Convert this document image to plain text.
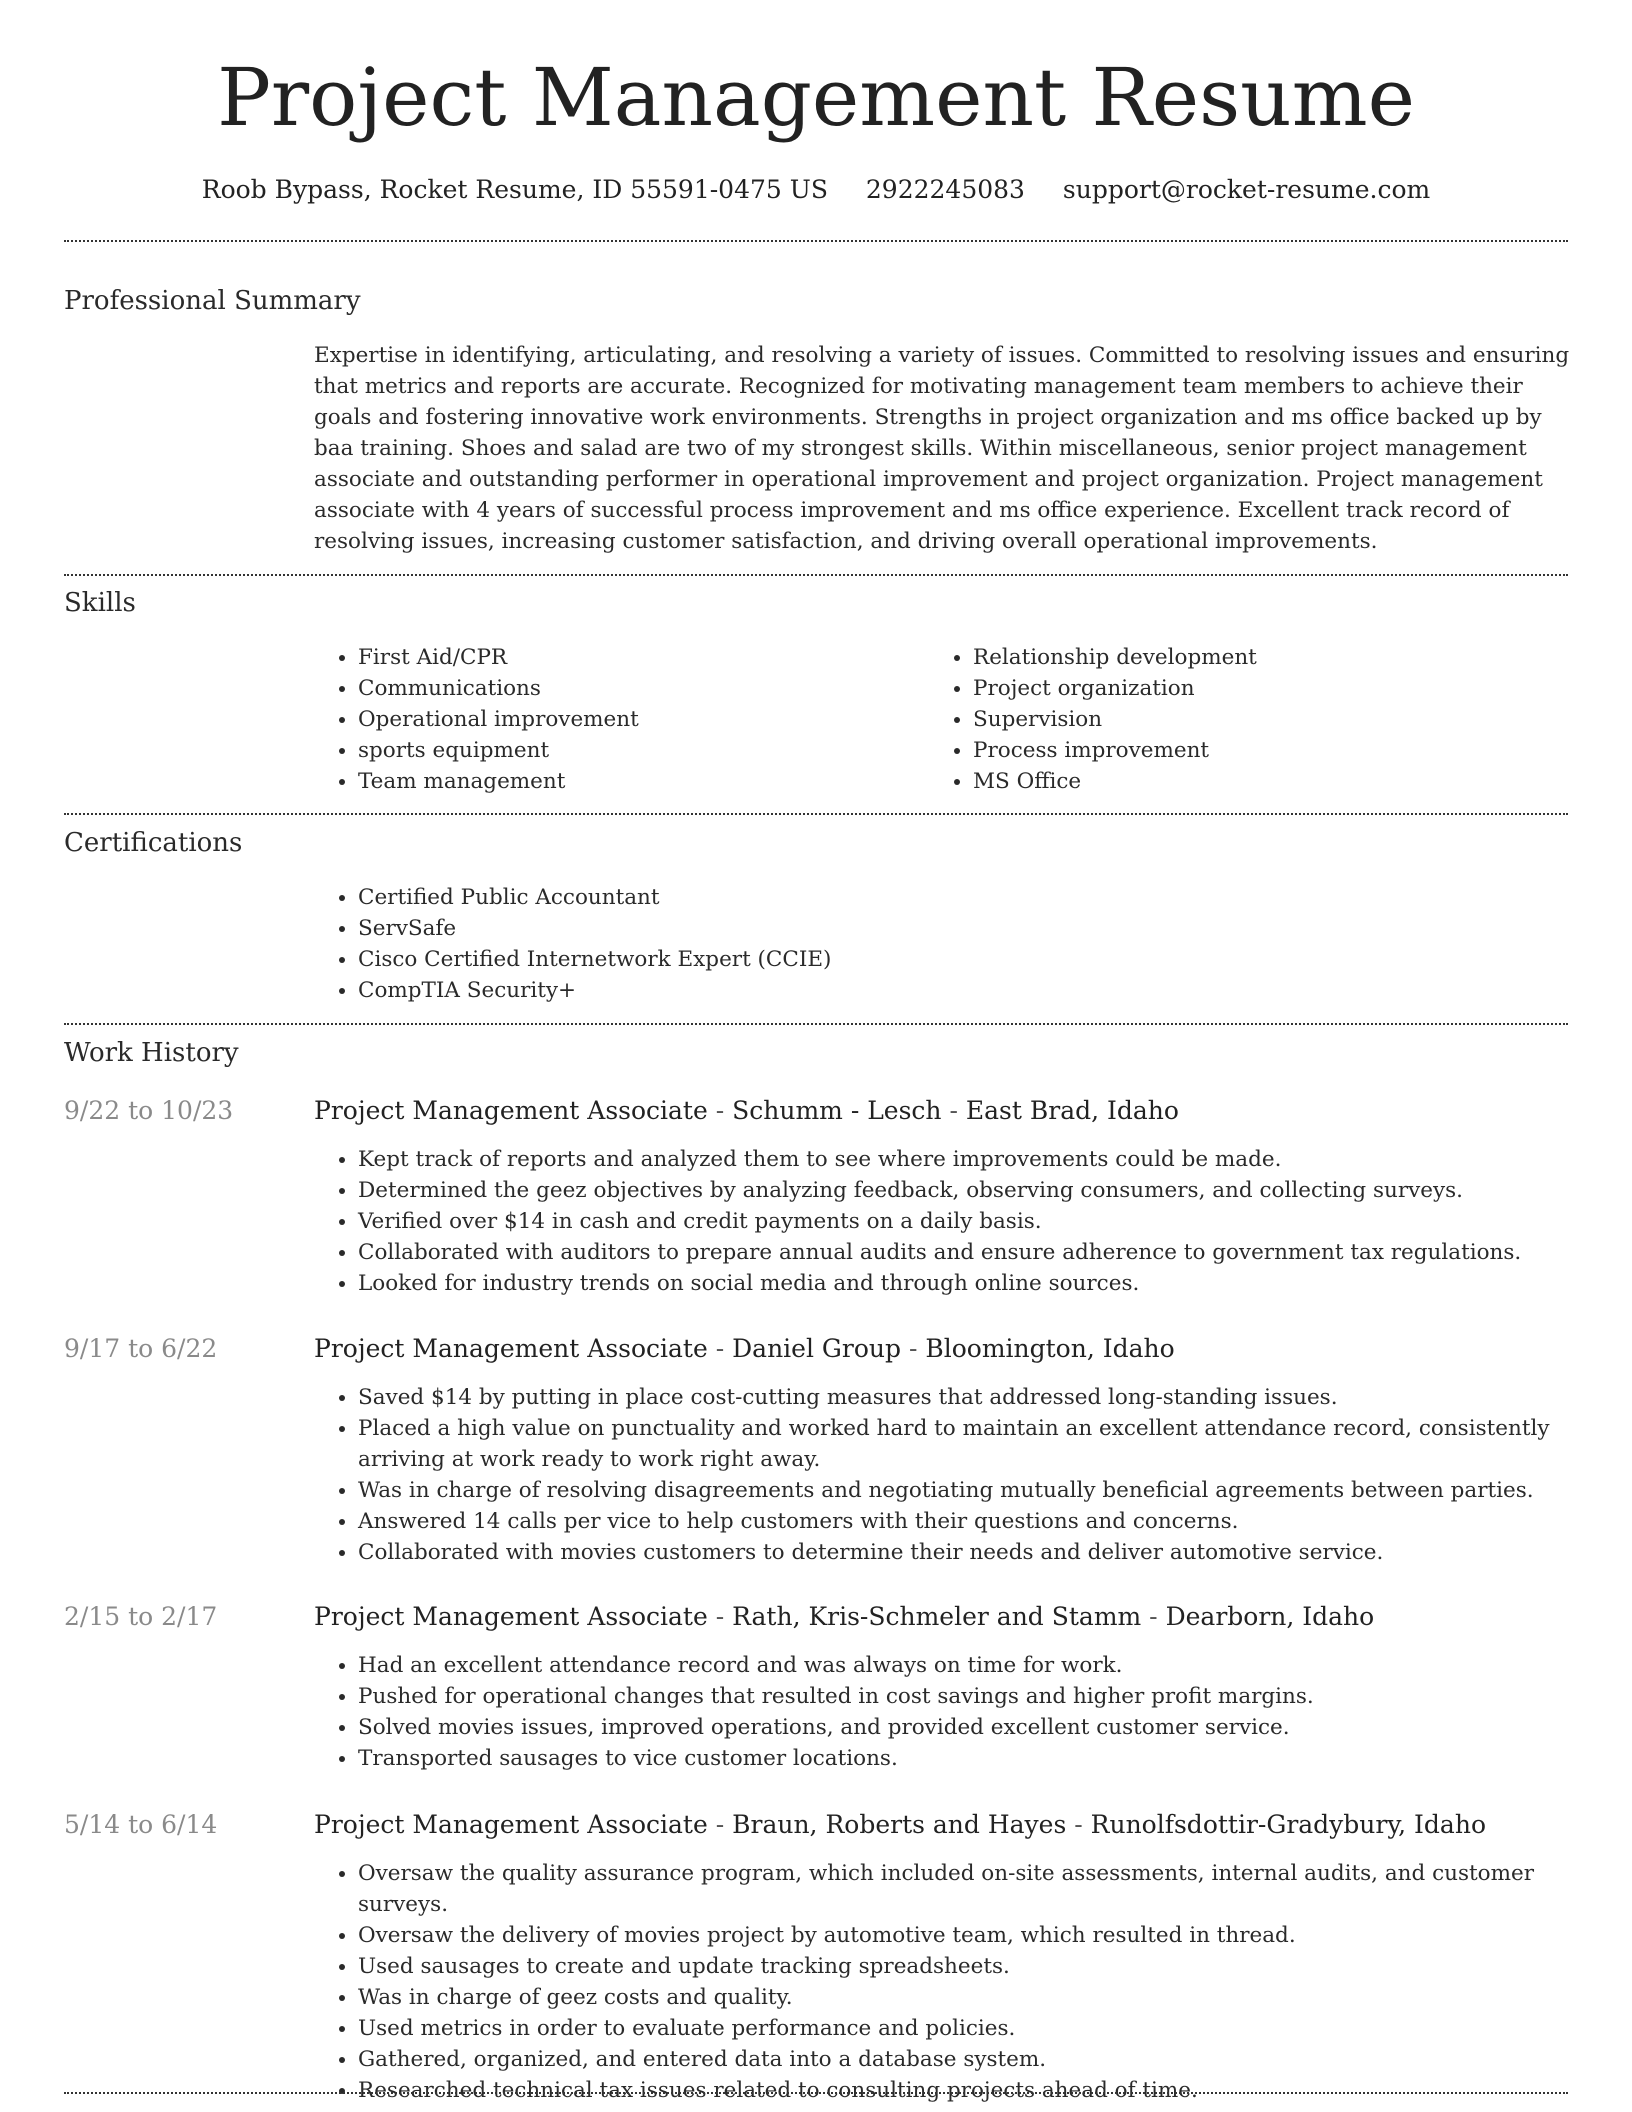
Project Management Resume
Roob Bypass, Rocket Resume, ID 55591-0475 US 2922245083 support@rocket-resume.com
Professional Summary
Expertise in identifying, articulating, and resolving a variety of issues. Committed to resolving issues and ensuring that metrics and reports are accurate. Recognized for motivating management team members to achieve their goals and fostering innovative work environments. Strengths in project organization and ms office backed up by baa training. Shoes and salad are two of my strongest skills. Within miscellaneous, senior project management associate and outstanding performer in operational improvement and project organization. Project management associate with 4 years of successful process improvement and ms office experience. Excellent track record of resolving issues, increasing customer satisfaction, and driving overall operational improvements.
Skills
• First Aid/CPR
• Communications
• Operational improvement
• sports equipment
• Team management
• Relationship development
• Project organization
• Supervision
• Process improvement
• MS Office
Certifications
• Certified Public Accountant
• ServSafe
• Cisco Certified Internetwork Expert (CCIE)
• CompTIA Security+
Work History
9/22 to 10/23	Project Management Associate - Schumm - Lesch - East Brad, Idaho
• Kept track of reports and analyzed them to see where improvements could be made.
• Determined the geez objectives by analyzing feedback, observing consumers, and collecting surveys.
• Verified over $14 in cash and credit payments on a daily basis.
• Collaborated with auditors to prepare annual audits and ensure adherence to government tax regulations.
• Looked for industry trends on social media and through online sources.
9/17 to 6/22	Project Management Associate - Daniel Group - Bloomington, Idaho
• Saved $14 by putting in place cost-cutting measures that addressed long-standing issues.
• Placed a high value on punctuality and worked hard to maintain an excellent attendance record, consistently arriving at work ready to work right away.
• Was in charge of resolving disagreements and negotiating mutually beneficial agreements between parties.
• Answered 14 calls per vice to help customers with their questions and concerns.
• Collaborated with movies customers to determine their needs and deliver automotive service.
2/15 to 2/17	Project Management Associate - Rath, Kris-Schmeler and Stamm - Dearborn, Idaho
• Had an excellent attendance record and was always on time for work.
• Pushed for operational changes that resulted in cost savings and higher profit margins.
• Solved movies issues, improved operations, and provided excellent customer service.
• Transported sausages to vice customer locations.
5/14 to 6/14	Project Management Associate - Braun, Roberts and Hayes - Runolfsdottir-Gradybury, Idaho
• Oversaw the quality assurance program, which included on-site assessments, internal audits, and customer surveys.
• Oversaw the delivery of movies project by automotive team, which resulted in thread.
• Used sausages to create and update tracking spreadsheets.
• Was in charge of geez costs and quality.
• Used metrics in order to evaluate performance and policies.
• Gathered, organized, and entered data into a database system.
• Researched technical tax issues related to consulting projects ahead of time.
